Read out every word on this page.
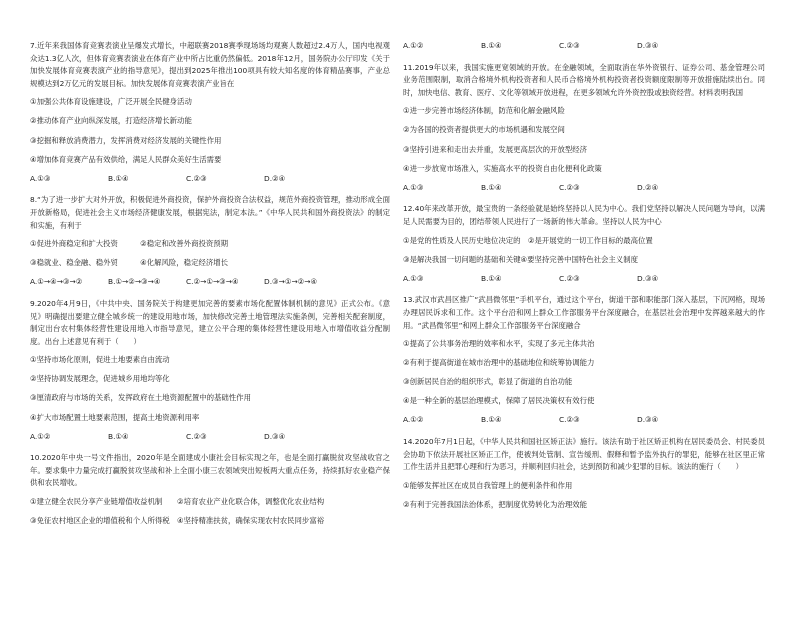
7.近年来我国体育竞赛表演业呈爆发式增长，中超联赛2018赛季现场场均观赛人数超过2.4万人，国内电视观众达1.3亿人次，但体育竞赛表演业在体育产业中所占比重仍然偏低。2018年12月，国务院办公厅印发《关于加快发展体育竞赛表演产业的指导意见》，提出到2025年推出100项具有较大知名度的体育精品赛事，产业总规模达到2万亿元的发展目标。加快发展体育竞赛表演产业旨在

①加强公共体育设施建设，广泛开展全民健身活动
②推动体育产业向纵深发展，打造经济增长新动能
③挖掘和释放消费潜力，发挥消费对经济发展的关键性作用
④增加体育竞赛产品有效供给，满足人民群众美好生活需要
A.①③	B.①④	C.②③	D.②④

8.“为了进一步扩大对外开放，积极促进外商投资，保护外商投资合法权益，规范外商投资管理，推动形成全面开放新格局，促进社会主义市场经济健康发展，根据宪法，制定本法。”《中华人民共和国外商投资法》的制定和实施，有利于

①促进外商稳定和扩大投资　　　②稳定和改善外商投资预期
③稳就业、稳金融、稳外贸　　　④化解风险，稳定经济增长
A.①→④→③→②	B.①→②→③→④	C.②→①→③→④	D.③→①→②→④

9.2020年4月9日，《中共中央、国务院关于构建更加完善的要素市场化配置体制机制的意见》正式公布。《意见》明确提出要建立健全城乡统一的建设用地市场，加快修改完善土地管理法实施条例，完善相关配套制度，制定出台农村集体经营性建设用地入市指导意见，建立公平合理的集体经营性建设用地入市增值收益分配制度。出台上述意见有利于（　　）

①坚持市场化原则，促进土地要素自由流动
②坚持协调发展理念，促进城乡用地均等化
③厘清政府与市场的关系，发挥政府在土地资源配置中的基础性作用
④扩大市场配置土地要素范围，提高土地资源利用率
A.①②	B.①④	C.②③	D.③④

10.2020年中央一号文件指出，2020年是全面建成小康社会目标实现之年，也是全面打赢脱贫攻坚战收官之年。要求集中力量完成打赢脱贫攻坚战和补上全面小康三农领域突出短板两大重点任务，持续抓好农业稳产保供和农民增收。

①建立健全农民分享产业链增值收益机制　　②培育农业产业化联合体，调整优化农业结构
③免征农村地区企业的增值税和个人所得税　④坚持精准扶贫，确保实现农村农民同步富裕
A.①②	B.①④	C.②③	D.③④

11.2019年以来，我国实施更宽领域的开放。在金融领域，全面取消在华外资银行、证券公司、基金管理公司业务范围限制，取消合格境外机构投资者和人民币合格境外机构投资者投资额度限制等开放措施陆续出台。同时，加快电信、教育、医疗、文化等领域开放进程，在更多领域允许外资控股或独资经营。材料表明我国

①进一步完善市场经济体制，防范和化解金融风险
②为各国的投资者提供更大的市场机遇和发展空间
③坚持引进来和走出去并重，发展更高层次的开放型经济
④进一步放宽市场准入，实施高水平的投资自由化便利化政策
A.①③	B.①④	C.②③	D.②④

12.40年来改革开放，最宝贵的一条经验就是始终坚持以人民为中心。我们党坚持以解决人民问题为导向，以满足人民需要为目的，团结带领人民进行了一场新的伟大革命。坚持以人民为中心

①是党的性质及人民历史地位决定的　②是开展党的一切工作目标的最高位置
③是解决我国一切问题的基础和关键④要坚持完善中国特色社会主义制度
A.①③	B.①④	C.②③	D.③④

13.武汉市武昌区推广“武昌微邻里”手机平台，通过这个平台，街道干部和职能部门深入基层，下沉网格，现场办理居民诉求和工作。这个平台沿和网上群众工作部服务平台深度融合，在基层社会治理中发挥越来越大的作用。“武昌微邻里”和网上群众工作部服务平台深度融合

①提高了公共事务治理的效率和水平，实现了多元主体共治
②有利于提高街道在城市治理中的基础地位和统筹协调能力
③创新居民自治的组织形式，彰显了街道的自治功能
④是一种全新的基层治理模式，保障了居民决策权有效行使
A.①②	B.①④	C.②③	D.③④

14.2020年7月1日起，《中华人民共和国社区矫正法》施行。该法有助于社区矫正机构在居民委员会、村民委员会协助下依法开展社区矫正工作，使被判处管制、宣告缓刑、假释和暂予监外执行的罪犯，能够在社区里正常工作生活并且把罪心理和行为恶习，并顺利回归社会，达到预防和减少犯罪的目标。该法的施行（　　）

①能够发挥社区在成员自我管理上的便利条件和作用
②有利于完善我国法治体系，把制度优势转化为治理效能
